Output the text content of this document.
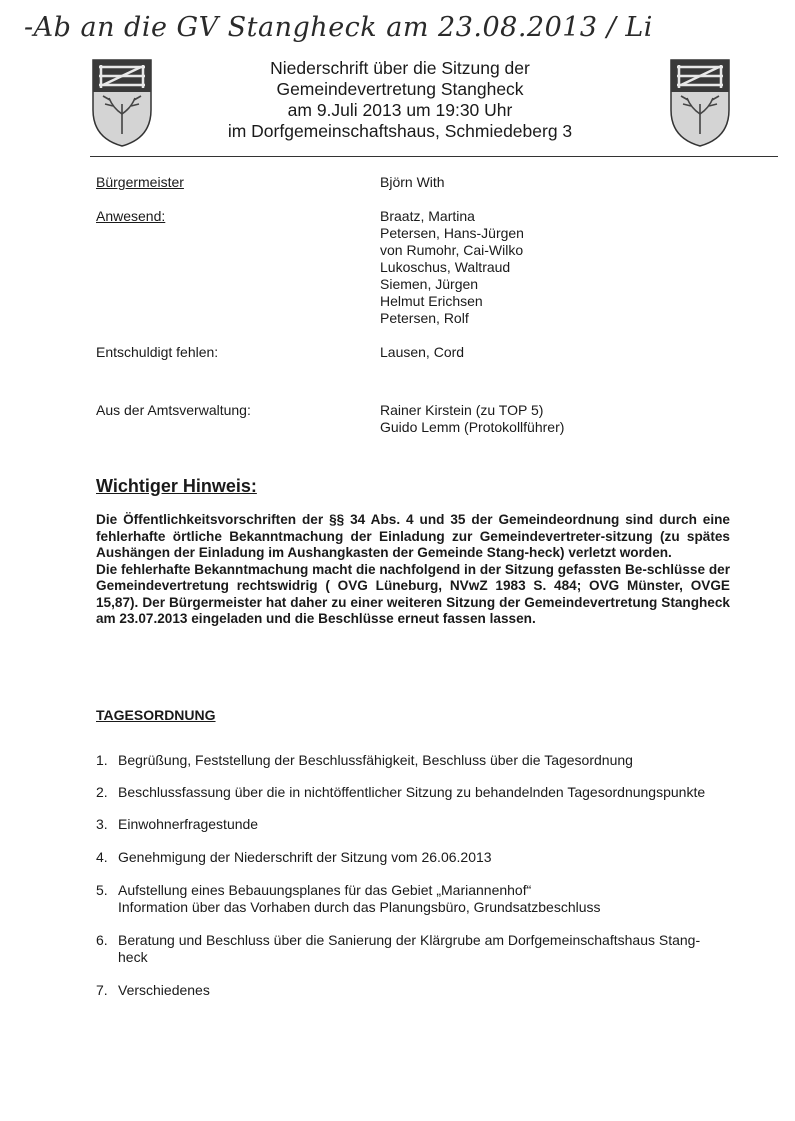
-Ab an die GV Stangheck am 23.08.2013 / Li
Niederschrift über die Sitzung der
Gemeindevertretung Stangheck
am 9.Juli 2013 um 19:30 Uhr
im Dorfgemeinschaftshaus, Schmiedeberg 3
Bürgermeister	Björn With
Anwesend:	Braatz, Martina
Petersen, Hans-Jürgen
von Rumohr, Cai-Wilko
Lukoschus, Waltraud
Siemen, Jürgen
Helmut Erichsen
Petersen, Rolf
Entschuldigt fehlen:	Lausen, Cord
Aus der Amtsverwaltung:	Rainer Kirstein (zu TOP 5)
Guido Lemm (Protokollführer)
Wichtiger Hinweis:

Die Öffentlichkeitsvorschriften der §§ 34 Abs. 4 und 35 der Gemeindeordnung sind durch eine fehlerhafte örtliche Bekanntmachung der Einladung zur Gemeindevertreter-sitzung (zu spätes Aushängen der Einladung im Aushangkasten der Gemeinde Stang-heck) verletzt worden.

Die fehlerhafte Bekanntmachung macht die nachfolgend in der Sitzung gefassten Be-schlüsse der Gemeindevertretung rechtswidrig ( OVG Lüneburg, NVwZ 1983 S. 484; OVG Münster, OVGE 15,87). Der Bürgermeister hat daher zu einer weiteren Sitzung der Gemeindevertretung Stangheck am 23.07.2013 eingeladen und die Beschlüsse erneut fassen lassen.

TAGESORDNUNG
1. Begrüßung, Feststellung der Beschlussfähigkeit, Beschluss über die Tagesordnung
2. Beschlussfassung über die in nichtöffentlicher Sitzung zu behandelnden Tagesordnungspunkte
3. Einwohnerfragestunde
4. Genehmigung der Niederschrift der Sitzung vom 26.06.2013
5. Aufstellung eines Bebauungsplanes für das Gebiet „Mariannenhof“
Information über das Vorhaben durch das Planungsbüro, Grundsatzbeschluss
6. Beratung und Beschluss über die Sanierung der Klärgrube am Dorfgemeinschaftshaus Stang-
heck
7. Verschiedenes
